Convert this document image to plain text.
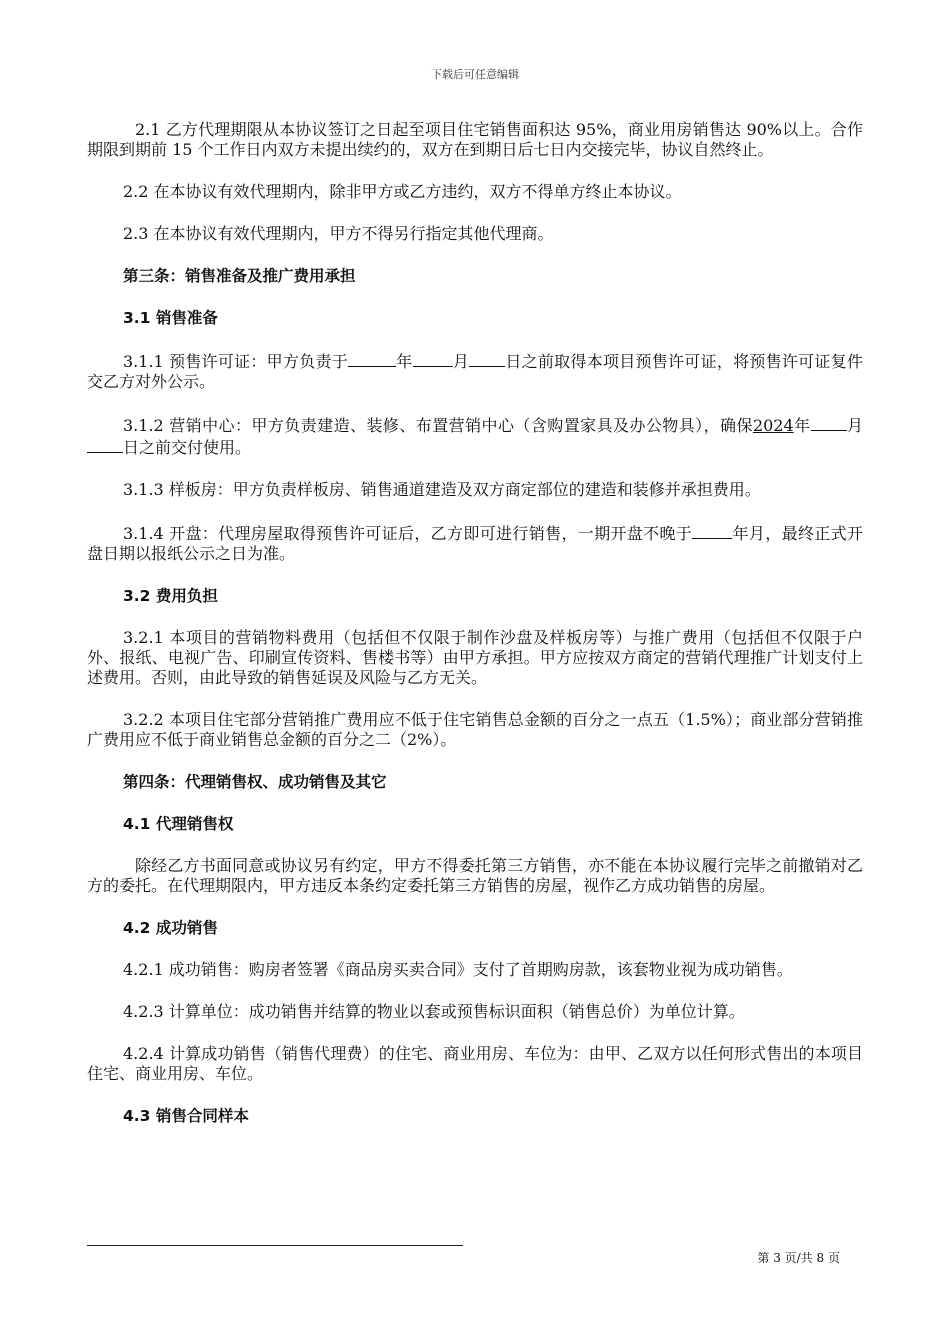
下载后可任意编辑

2.1 乙方代理期限从本协议签订之日起至项目住宅销售面积达 95%，商业用房销售达 90%以上。合作期限到期前 15 个工作日内双方未提出续约的，双方在到期日后七日内交接完毕，协议自然终止。

2.2 在本协议有效代理期内，除非甲方或乙方违约，双方不得单方终止本协议。

2.3 在本协议有效代理期内，甲方不得另行指定其他代理商。

第三条：销售准备及推广费用承担

3.1 销售准备

3.1.1 预售许可证：甲方负责于	年	月 日之前取得本项目预售许可证，将预售许可证复件交乙方对外公示。

3.1.2 营销中心：甲方负责建造、装修、布置营销中心（含购置家具及办公物具），确保2024年 月日之前交付使用。

3.1.3 样板房：甲方负责样板房、销售通道建造及双方商定部位的建造和装修并承担费用。

3.1.4 开盘：代理房屋取得预售许可证后，乙方即可进行销售，一期开盘不晚于	年月，最终正式开盘日期以报纸公示之日为准。

3.2 费用负担

3.2.1 本项目的营销物料费用（包括但不仅限于制作沙盘及样板房等）与推广费用（包括但不仅限于户外、报纸、电视广告、印刷宣传资料、售楼书等）由甲方承担。甲方应按双方商定的营销代理推广计划支付上述费用。否则，由此导致的销售延误及风险与乙方无关。

3.2.2 本项目住宅部分营销推广费用应不低于住宅销售总金额的百分之一点五（1.5%）；商业部分营销推广费用应不低于商业销售总金额的百分之二（2%）。

第四条：代理销售权、成功销售及其它

4.1 代理销售权

除经乙方书面同意或协议另有约定，甲方不得委托第三方销售，亦不能在本协议履行完毕之前撤销对乙方的委托。在代理期限内，甲方违反本条约定委托第三方销售的房屋，视作乙方成功销售的房屋。

4.2 成功销售

4.2.1 成功销售：购房者签署《商品房买卖合同》支付了首期购房款，该套物业视为成功销售。

4.2.3 计算单位：成功销售并结算的物业以套或预售标识面积（销售总价）为单位计算。

4.2.4 计算成功销售（销售代理费）的住宅、商业用房、车位为：由甲、乙双方以任何形式售出的本项目住宅、商业用房、车位。

4.3 销售合同样本

第 3 页/共 8 页
